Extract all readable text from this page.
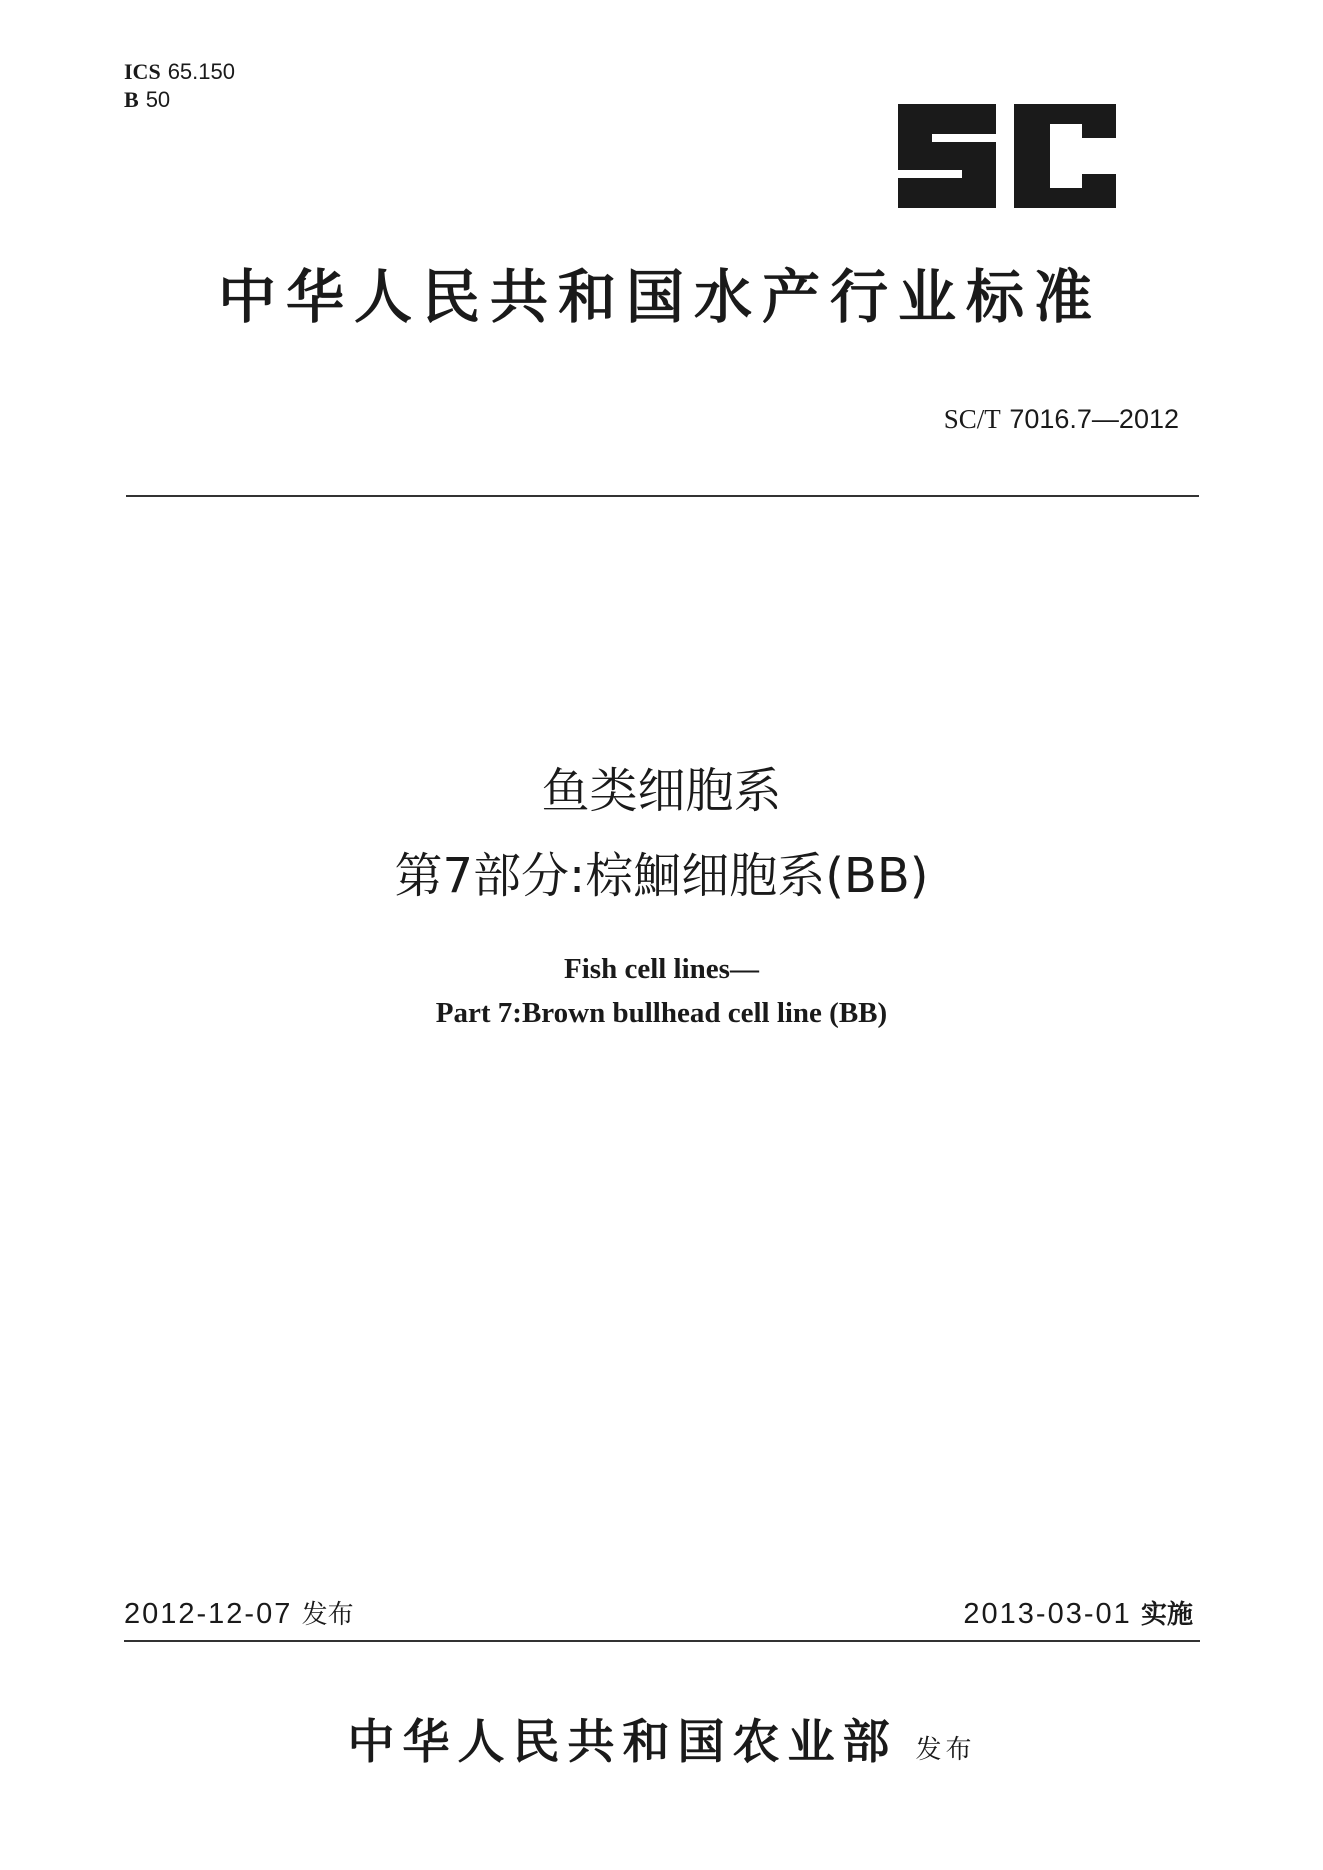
ICS 65.150
B 50
中华人民共和国水产行业标准
SC/T 7016.7—2012
鱼类细胞系
第7部分:棕鮰细胞系(BB)
Fish cell lines—
Part 7:Brown bullhead cell line (BB)
2012-12-07 发布	2013-03-01 实施
中华人民共和国农业部 发布
